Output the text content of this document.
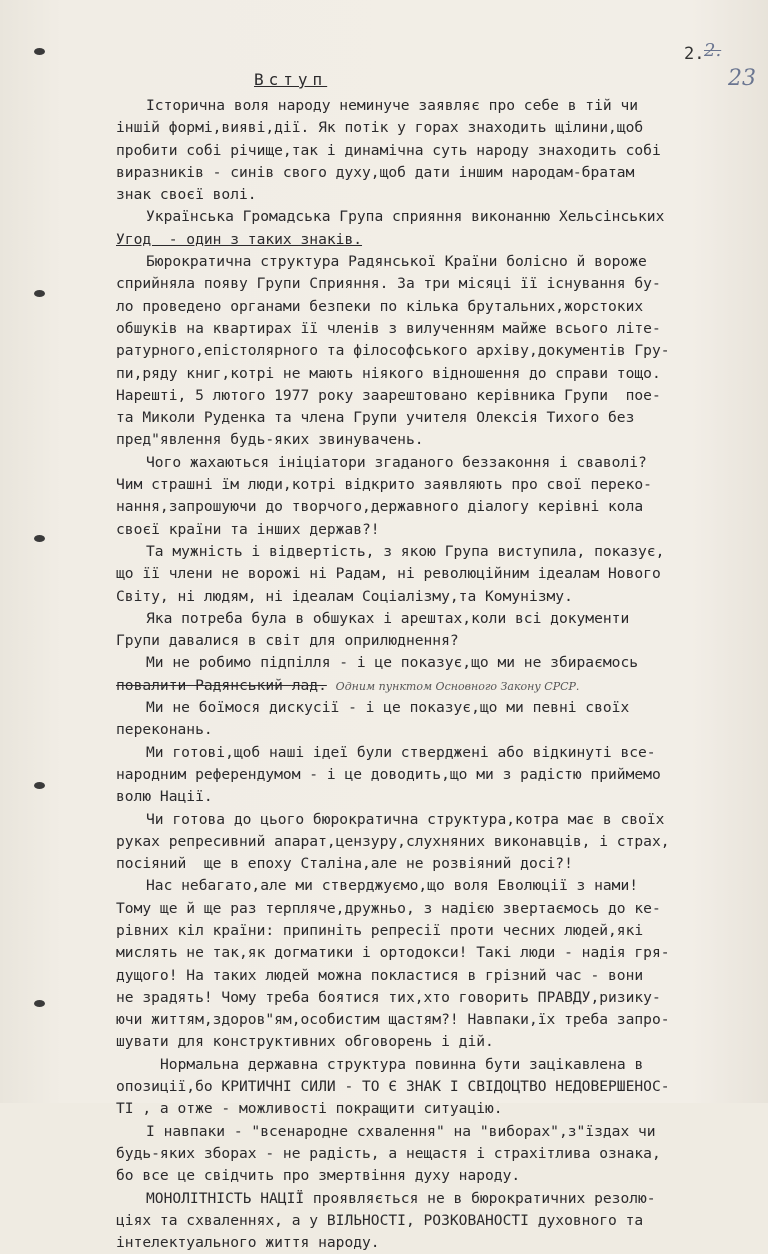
2. 2.
23
Вступ
Історична воля народу неминуче заявляє про себе в тій чи
іншій формі,вияві,дії. Як потік у горах знаходить щілини,щоб
пробити собі річище,так і динамічна суть народу знаходить собі
виразників - синів свого духу,щоб дати іншим народам-братам
знак своєї волі.
Українська Громадська Група сприяння виконанню Хельсінських
Угод  - один з таких знаків.
Бюрократична структура Радянської Країни болісно й вороже
сприйняла появу Групи Сприяння. За три місяці її існування бу-
ло проведено органами безпеки по кілька брутальних,жорстоких
обшуків на квартирах її членів з вилученням майже всього літе-
ратурного,епістолярного та філософського архіву,документів Гру-
пи,ряду книг,котрі не мають ніякого відношення до справи тощо.
Нарешті, 5 лютого 1977 року заарештовано керівника Групи  пое-
та Миколи Руденка та члена Групи учителя Олексія Тихого без
пред"явлення будь-яких звинувачень.
Чого жахаються ініціатори згаданого беззаконня і сваволі?
Чим страшні їм люди,котрі відкрито заявляють про свої переко-
нання,запрошуючи до творчого,державного діалогу керівні кола
своєї країни та інших держав?!
Та мужність і відвертість, з якою Група виступила, показує,
що її члени не ворожі ні Радам, ні революційним ідеалам Нового
Світу, ні людям, ні ідеалам Соціалізму,та Комунізму.
Яка потреба була в обшуках і арештах,коли всі документи
Групи давалися в світ для оприлюднення?
Ми не робимо підпілля - і це показує,що ми не збираємось
повалити Радянський лад. Одним пунктом Основного Закону СРСР.
Ми не боїмося дискусії - і це показує,що ми певні своїх
переконань.
Ми готові,щоб наші ідеї були стверджені або відкинуті все-
народним референдумом - і це доводить,що ми з радістю приймемо
волю Нації.
Чи готова до цього бюрократична структура,котра має в своїх
руках репресивний апарат,цензуру,слухняних виконавців, і страх,
посіяний  ще в епоху Сталіна,але не розвіяний досі?!
Нас небагато,але ми стверджуємо,що воля Еволюції з нами!
Тому ще й ще раз терпляче,дружньо, з надією звертаємось до ке-
рівних кіл країни: припиніть репресії проти чесних людей,які
мислять не так,як догматики і ортодокси! Такі люди - надія гря-
дущого! На таких людей можна покластися в грізний час - вони
не зрадять! Чому треба боятися тих,хто говорить ПРАВДУ,ризику-
ючи життям,здоров"ям,особистим щастям?! Навпаки,їх треба запро-
шувати для конструктивних обговорень і дій.
Нормальна державна структура повинна бути зацікавлена в
опозиції,бо КРИТИЧНІ СИЛИ - ТО Є ЗНАК І СВІДОЦТВО НЕДОВЕРШЕНОС-
ТІ , а отже - можливості покращити ситуацію.
І навпаки - "всенародне схвалення" на "виборах",з"їздах чи
будь-яких зборах - не радість, а нещастя і страхітлива ознака,
бо все це свідчить про змертвіння духу народу.
МОНОЛІТНІСТЬ НАЦІЇ проявляється не в бюрократичних резолю-
ціях та схваленнях, а у ВІЛЬНОСТІ, РОЗКОВАНОСТІ духовного та
інтелектуального життя народу.
